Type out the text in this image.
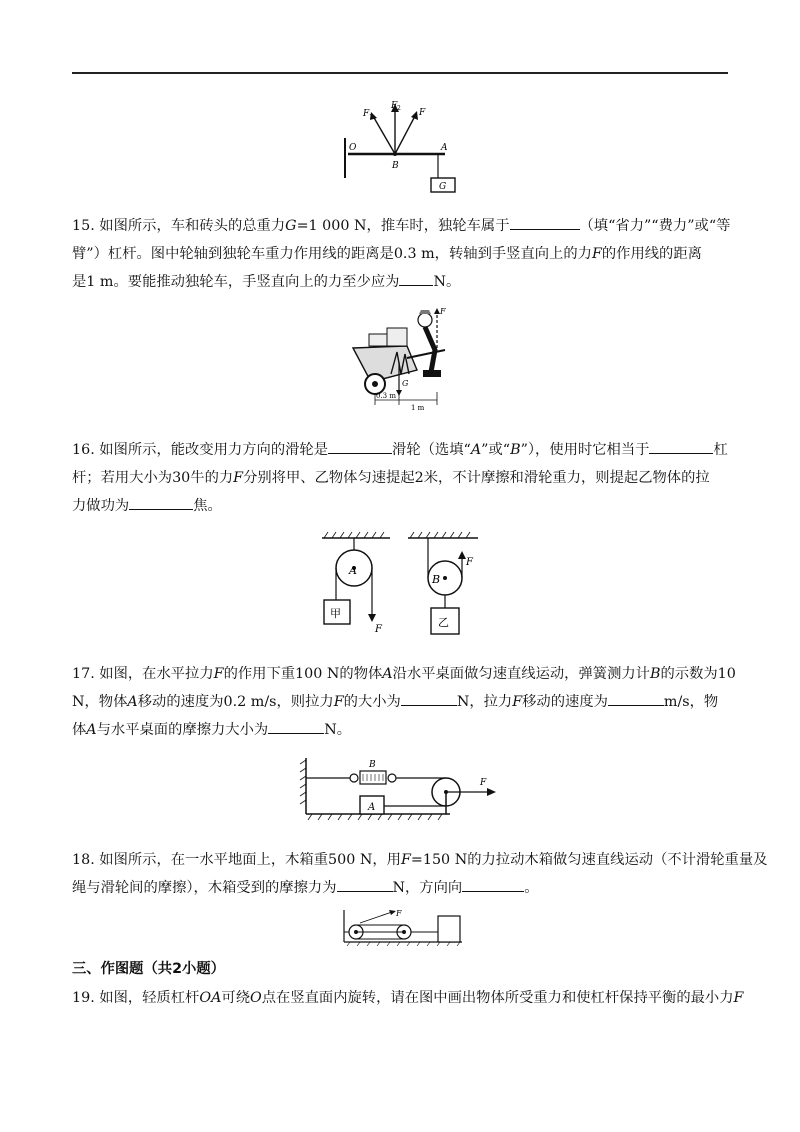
O
B
A
G
F 1
F 2 F
15. 如图所示，车和砖头的总重力G=1 000 N，推车时，独轮车属于	（填“省力”“费力”或“等
臂”）杠杆。图中轮轴到独轮车重力作用线的距离是0.3 m，转轴到手竖直向上的力F的作用线的距离
是1 m。要能推动独轮车，手竖直向上的力至少应为 N。
F
G
0.3 m
1 m
16. 如图所示，能改变用力方向的滑轮是	滑轮（选填“A”或“B”），使用时它相当于	杠
杆；若用大小为30牛的力F分别将甲、乙物体匀速提起2米，不计摩擦和滑轮重力，则提起乙物体的拉
力做功为	焦。
A
F
甲
B
F
乙
17. 如图，在水平拉力F的作用下重100 N的物体A沿水平桌面做匀速直线运动，弹簧测力计B的示数为10
N，物体A移动的速度为0.2 m/s，则拉力F的大小为	N，拉力F移动的速度为	m/s，物
体A与水平桌面的摩擦力大小为	N。
B
A
F
18. 如图所示，在一水平地面上，木箱重500 N，用F=150 N的力拉动木箱做匀速直线运动（不计滑轮重量及
绳与滑轮间的摩擦），木箱受到的摩擦力为	N，方向向	。
F
三、作图题（共2小题）
19. 如图，轻质杠杆OA可绕O点在竖直面内旋转，请在图中画出物体所受重力和使杠杆保持平衡的最小力F
